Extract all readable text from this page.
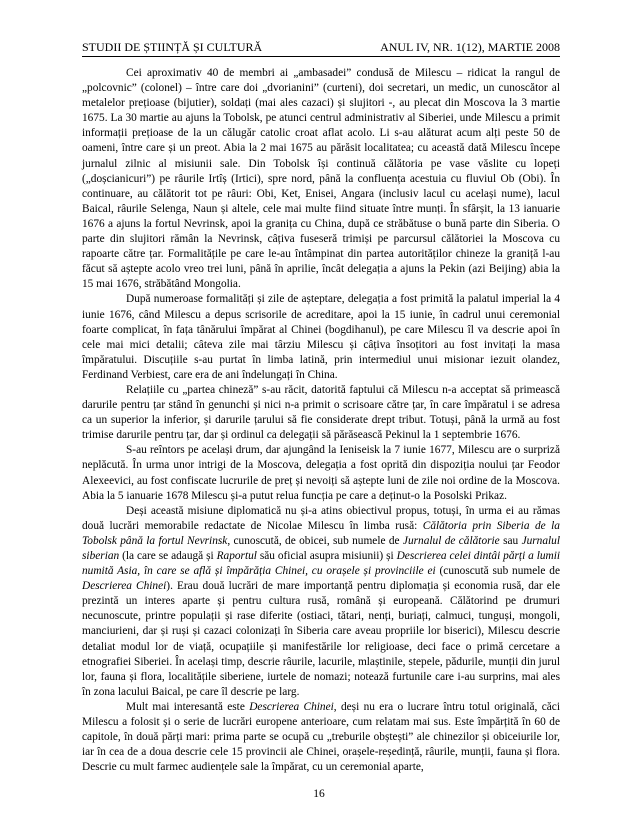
STUDII DE ȘTIINȚĂ ȘI CULTURĂ	ANUL IV, NR. 1(12), MARTIE 2008

Cei aproximativ 40 de membri ai „ambasadei” condusă de Milescu – ridicat la rangul de „polcovnic” (colonel) – între care doi „dvorianini” (curteni), doi secretari, un medic, un cunoscător al metalelor prețioase (bijutier), soldați (mai ales cazaci) și slujitori -, au plecat din Moscova la 3 martie 1675. La 30 martie au ajuns la Tobolsk, pe atunci centrul administrativ al Siberiei, unde Milescu a primit informații prețioase de la un călugăr catolic croat aflat acolo. Li s-au alăturat acum alți peste 50 de oameni, între care și un preot. Abia la 2 mai 1675 au părăsit localitatea; cu această dată Milescu începe jurnalul zilnic al misiunii sale. Din Tobolsk își continuă călătoria pe vase văslite cu lopeți („doșcianicuri”) pe râurile Irtîș (Irtici), spre nord, până la confluența acestuia cu fluviul Ob (Obi). În continuare, au călătorit tot pe râuri: Obi, Ket, Enisei, Angara (inclusiv lacul cu același nume), lacul Baical, râurile Selenga, Naun și altele, cele mai multe fiind situate între munți. În sfârșit, la 13 ianuarie 1676 a ajuns la fortul Nevrinsk, apoi la granița cu China, după ce străbătuse o bună parte din Siberia. O parte din slujitori rămân la Nevrinsk, câțiva fuseseră trimiși pe parcursul călătoriei la Moscova cu rapoarte către țar. Formalitățile pe care le-au întâmpinat din partea autorităților chineze la graniță l-au făcut să aștepte acolo vreo trei luni, până în aprilie, încât delegația a ajuns la Pekin (azi Beijing) abia la 15 mai 1676, străbătând Mongolia.

După numeroase formalități și zile de așteptare, delegația a fost primită la palatul imperial la 4 iunie 1676, când Milescu a depus scrisorile de acreditare, apoi la 15 iunie, în cadrul unui ceremonial foarte complicat, în fața tânărului împărat al Chinei (bogdihanul), pe care Milescu îl va descrie apoi în cele mai mici detalii; câteva zile mai târziu Milescu și câțiva însoțitori au fost invitați la masa împăratului. Discuțiile s-au purtat în limba latină, prin intermediul unui misionar iezuit olandez, Ferdinand Verbiest, care era de ani îndelungați în China.

Relațiile cu „partea chineză” s-au răcit, datorită faptului că Milescu n-a acceptat să primească darurile pentru țar stând în genunchi și nici n-a primit o scrisoare către țar, în care împăratul i se adresa ca un superior la inferior, și darurile țarului să fie considerate drept tribut. Totuși, până la urmă au fost trimise darurile pentru țar, dar și ordinul ca delegații să părăsească Pekinul la 1 septembrie 1676.

S-au reîntors pe același drum, dar ajungând la Ieniseisk la 7 iunie 1677, Milescu are o surpriză neplăcută. În urma unor intrigi de la Moscova, delegația a fost oprită din dispoziția noului țar Feodor Alexeevici, au fost confiscate lucrurile de preț și nevoiți să aștepte luni de zile noi ordine de la Moscova. Abia la 5 ianuarie 1678 Milescu și-a putut relua funcția pe care a deținut-o la Posolski Prikaz.

Deși această misiune diplomatică nu și-a atins obiectivul propus, totuși, în urma ei au rămas două lucrări memorabile redactate de Nicolae Milescu în limba rusă: Călătoria prin Siberia de la Tobolsk până la fortul Nevrinsk, cunoscută, de obicei, sub numele de Jurnalul de călătorie sau Jurnalul siberian (la care se adaugă și Raportul său oficial asupra misiunii) și Descrierea celei dintâi părți a lumii numită Asia, în care se află și împărăția Chinei, cu orașele și provinciile ei (cunoscută sub numele de Descrierea Chinei). Erau două lucrări de mare importanță pentru diplomația și economia rusă, dar ele prezintă un interes aparte și pentru cultura rusă, română și europeană. Călătorind pe drumuri necunoscute, printre populații și rase diferite (ostiaci, tătari, nenți, buriați, calmuci, tunguși, mongoli, manciurieni, dar și ruși și cazaci colonizați în Siberia care aveau propriile lor biserici), Milescu descrie detaliat modul lor de viață, ocupațiile și manifestările lor religioase, deci face o primă cercetare a etnografiei Siberiei. În același timp, descrie râurile, lacurile, mlaștinile, stepele, pădurile, munții din jurul lor, fauna și flora, localitățile siberiene, iurtele de nomazi; notează furtunile care i-au surprins, mai ales în zona lacului Baical, pe care îl descrie pe larg.

Mult mai interesantă este Descrierea Chinei, deși nu era o lucrare întru totul originală, căci Milescu a folosit și o serie de lucrări europene anterioare, cum relatam mai sus. Este împărțită în 60 de capitole, în două părți mari: prima parte se ocupă cu „treburile obștești” ale chinezilor și obiceiurile lor, iar în cea de a doua descrie cele 15 provincii ale Chinei, orașele-reședință, râurile, munții, fauna și flora. Descrie cu mult farmec audiențele sale la împărat, cu un ceremonial aparte,

16
